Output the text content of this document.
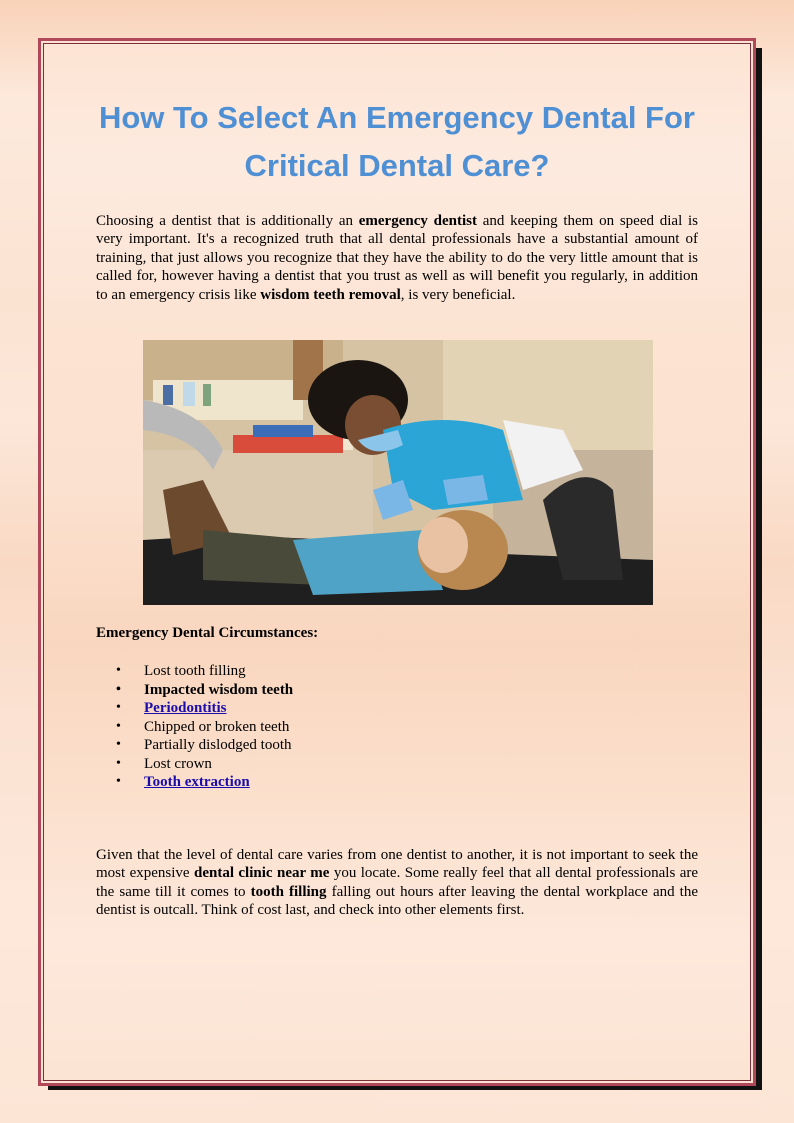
How To Select An Emergency Dental For
Critical Dental Care?

Choosing a dentist that is additionally an emergency dentist and keeping them on speed dial is very important. It's a recognized truth that all dental professionals have a substantial amount of training, that just allows you recognize that they have the ability to do the very little amount that is called for, however having a dentist that you trust as well as will benefit you regularly, in addition to an emergency crisis like wisdom teeth removal, is very beneficial.

Emergency Dental Circumstances:
• Lost tooth filling
• Impacted wisdom teeth
• Periodontitis
• Chipped or broken teeth
• Partially dislodged tooth
• Lost crown
• Tooth extraction

Given that the level of dental care varies from one dentist to another, it is not important to seek the most expensive dental clinic near me you locate. Some really feel that all dental professionals are the same till it comes to tooth filling falling out hours after leaving the dental workplace and the dentist is outcall. Think of cost last, and check into other elements first.
